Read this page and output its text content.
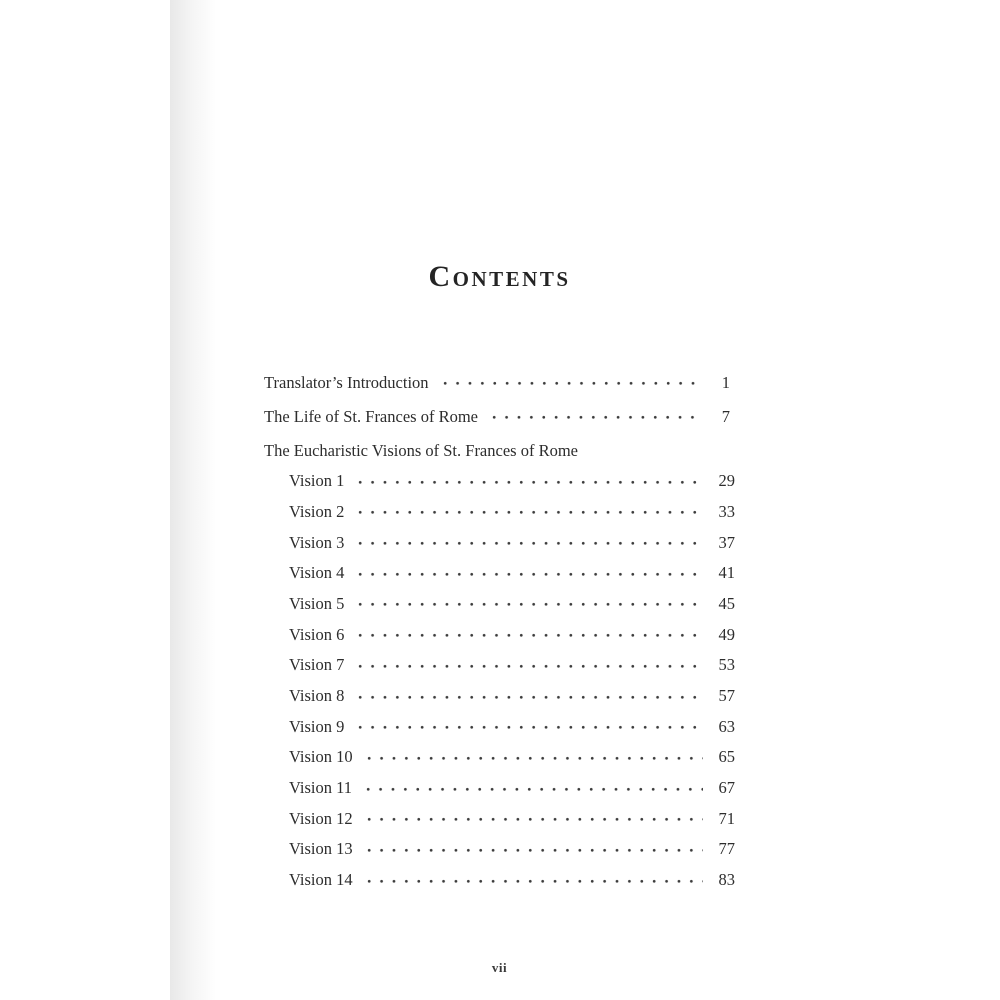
Contents
Translator’s Introduction	1
The Life of St. Frances of Rome	7
The Eucharistic Visions of St. Frances of Rome
Vision 1	29
Vision 2	33
Vision 3	37
Vision 4	41
Vision 5	45
Vision 6	49
Vision 7	53
Vision 8	57
Vision 9	63
Vision 10	65
Vision 11	67
Vision 12	71
Vision 13	77
Vision 14	83
vii
